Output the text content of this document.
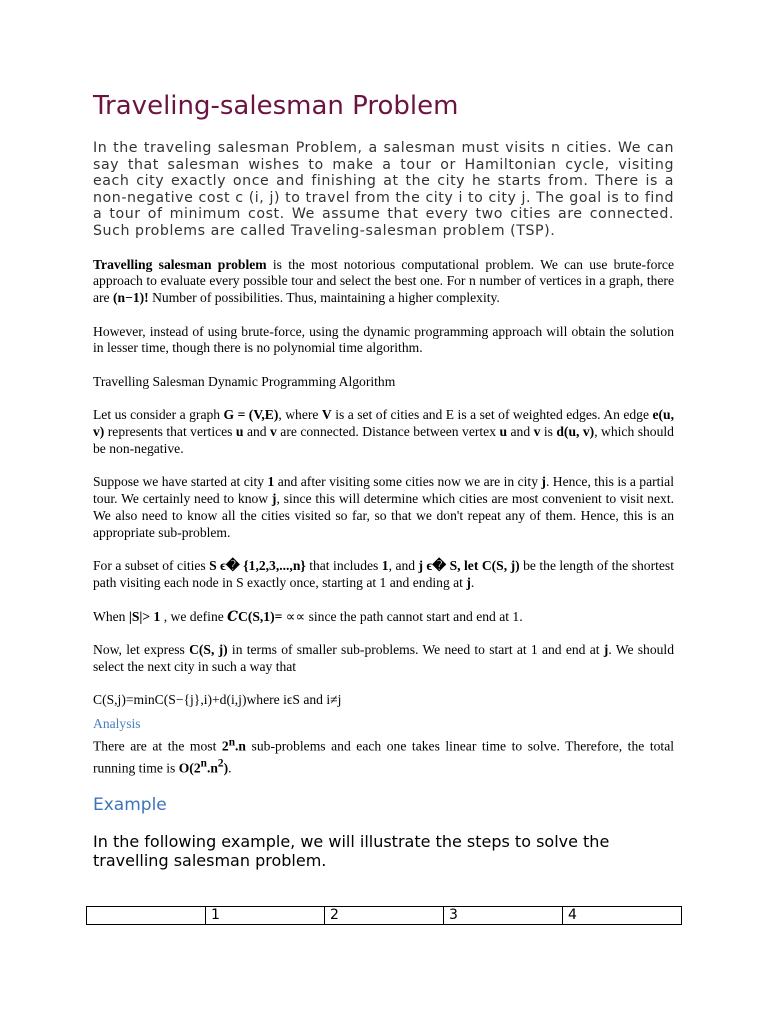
Traveling-salesman Problem

In the traveling salesman Problem, a salesman must visits n cities. We can say that salesman wishes to make a tour or Hamiltonian cycle, visiting each city exactly once and finishing at the city he starts from. There is a non-negative cost c (i, j) to travel from the city i to city j. The goal is to find a tour of minimum cost. We assume that every two cities are connected. Such problems are called Traveling-salesman problem (TSP).

Travelling salesman problem is the most notorious computational problem. We can use brute-force approach to evaluate every possible tour and select the best one. For n number of vertices in a graph, there are (n−1)! Number of possibilities. Thus, maintaining a higher complexity.

However, instead of using brute-force, using the dynamic programming approach will obtain the solution in lesser time, though there is no polynomial time algorithm.

Travelling Salesman Dynamic Programming Algorithm

Let us consider a graph G = (V,E), where V is a set of cities and E is a set of weighted edges. An edge e(u, v) represents that vertices u and v are connected. Distance between vertex u and v is d(u, v), which should be non-negative.

Suppose we have started at city 1 and after visiting some cities now we are in city j. Hence, this is a partial tour. We certainly need to know j, since this will determine which cities are most convenient to visit next. We also need to know all the cities visited so far, so that we don't repeat any of them. Hence, this is an appropriate sub-problem.

For a subset of cities S ϵ� {1,2,3,...,n} that includes 1, and j ϵ� S, let C(S, j) be the length of the shortest path visiting each node in S exactly once, starting at 1 and ending at j.

When |S|> 1 , we define CC(S,1)= ∝∝ since the path cannot start and end at 1.

Now, let express C(S, j) in terms of smaller sub-problems. We need to start at 1 and end at j. We should select the next city in such a way that

C(S,j)=minC(S−{j},i)+d(i,j)where iϵS and i≠j

Analysis

There are at the most 2$^n$.n sub-problems and each one takes linear time to solve. Therefore, the total running time is $O(2^n.n^2)$.

Example

In the following example, we will illustrate the steps to solve the travelling salesman problem.

	1	2	3	4
